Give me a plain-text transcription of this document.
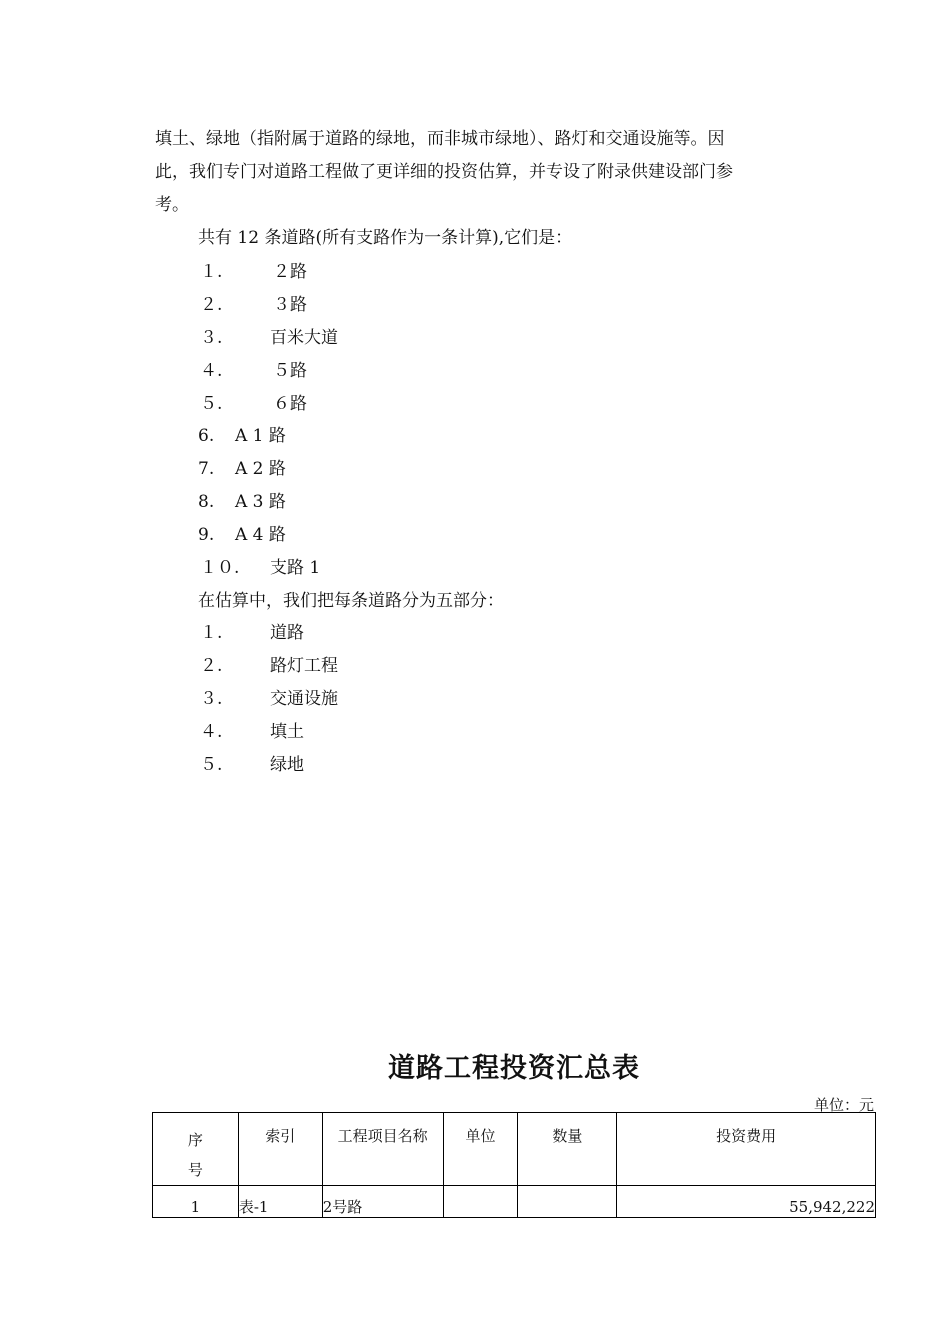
填土、绿地（指附属于道路的绿地，而非城市绿地）、路灯和交通设施等。因
此，我们专门对道路工程做了更详细的投资估算，并专设了附录供建设部门参
考。
共有 12 条道路(所有支路作为一条计算),它们是：
１.	２路
２.	３路
３.	百米大道
４.	５路
５.	６路
6. A 1 路
7. A 2 路
8. A 3 路
9. A 4 路
１０. 支路 1
在估算中，我们把每条道路分为五部分：
１.	道路
２.	路灯工程
３.	交通设施
４.	填土
５.	绿地
道路工程投资汇总表
单位：元
序
号	索引	工程项目名称	单位	数量	投资费用
1	表-1	2号路			55,942,222
